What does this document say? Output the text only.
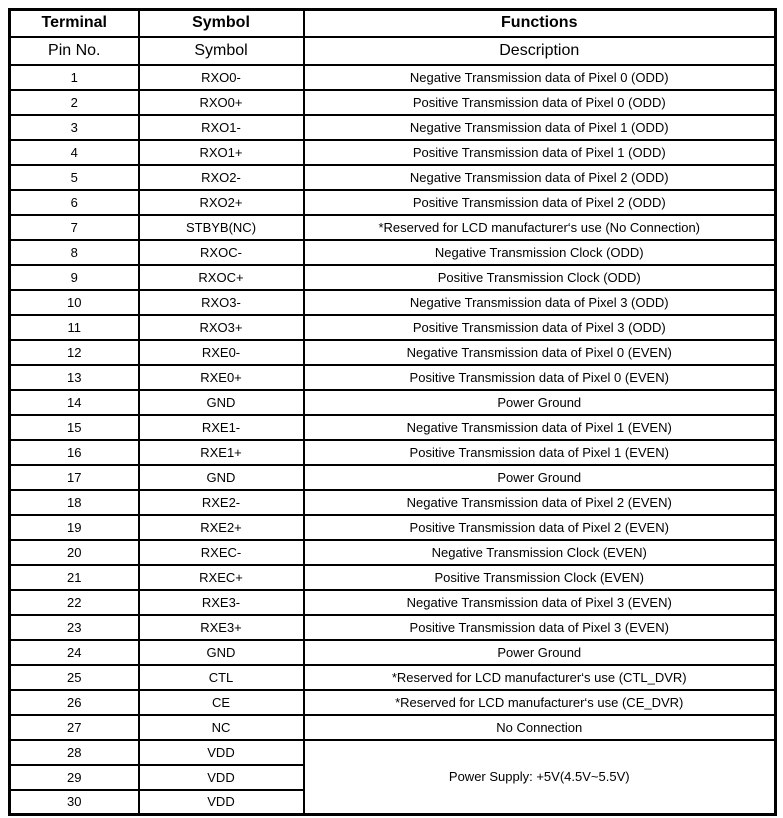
Terminal	Symbol	Functions
Pin No.	Symbol	Description
1	RXO0-	Negative Transmission data of Pixel 0 (ODD)
2	RXO0+	Positive Transmission data of Pixel 0 (ODD)
3	RXO1-	Negative Transmission data of Pixel 1 (ODD)
4	RXO1+	Positive Transmission data of Pixel 1 (ODD)
5	RXO2-	Negative Transmission data of Pixel 2 (ODD)
6	RXO2+	Positive Transmission data of Pixel 2 (ODD)
7	STBYB(NC)	*Reserved for LCD manufacturer‘s use (No Connection)
8	RXOC-	Negative Transmission Clock (ODD)
9	RXOC+	Positive Transmission Clock (ODD)
10	RXO3-	Negative Transmission data of Pixel 3 (ODD)
11	RXO3+	Positive Transmission data of Pixel 3 (ODD)
12	RXE0-	Negative Transmission data of Pixel 0 (EVEN)
13	RXE0+	Positive Transmission data of Pixel 0 (EVEN)
14	GND	Power Ground
15	RXE1-	Negative Transmission data of Pixel 1 (EVEN)
16	RXE1+	Positive Transmission data of Pixel 1 (EVEN)
17	GND	Power Ground
18	RXE2-	Negative Transmission data of Pixel 2 (EVEN)
19	RXE2+	Positive Transmission data of Pixel 2 (EVEN)
20	RXEC-	Negative Transmission Clock (EVEN)
21	RXEC+	Positive Transmission Clock (EVEN)
22	RXE3-	Negative Transmission data of Pixel 3 (EVEN)
23	RXE3+	Positive Transmission data of Pixel 3 (EVEN)
24	GND	Power Ground
25	CTL	*Reserved for LCD manufacturer‘s use (CTL_DVR)
26	CE	*Reserved for LCD manufacturer‘s use (CE_DVR)
27	NC	No Connection
28	VDD	Power Supply: +5V(4.5V~5.5V)
29	VDD	
30	VDD	
